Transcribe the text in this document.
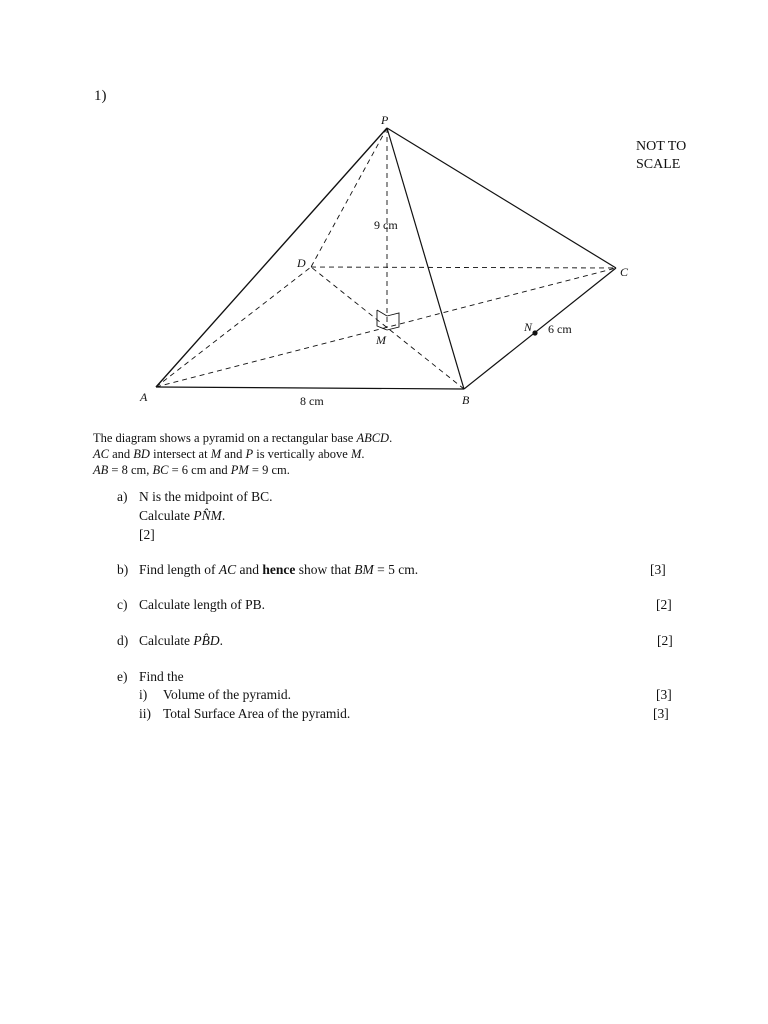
1)
NOT TO
SCALE
P
A	B
C
D
M
N
9 cm
8 cm
6 cm
The diagram shows a pyramid on a rectangular base ABCD.
AC and BD intersect at M and P is vertically above M.
AB = 8 cm, BC = 6 cm and PM = 9 cm.
a) N is the midpoint of BC.
Calculate PN̂M.
[2]
b) Find length of AC and hence show that BM = 5 cm.	[3]
c) Calculate length of PB.	[2]
d) Calculate PB̂D.	[2]
e) Find the
i) Volume of the pyramid.	[3]
ii) Total Surface Area of the pyramid.	[3]
